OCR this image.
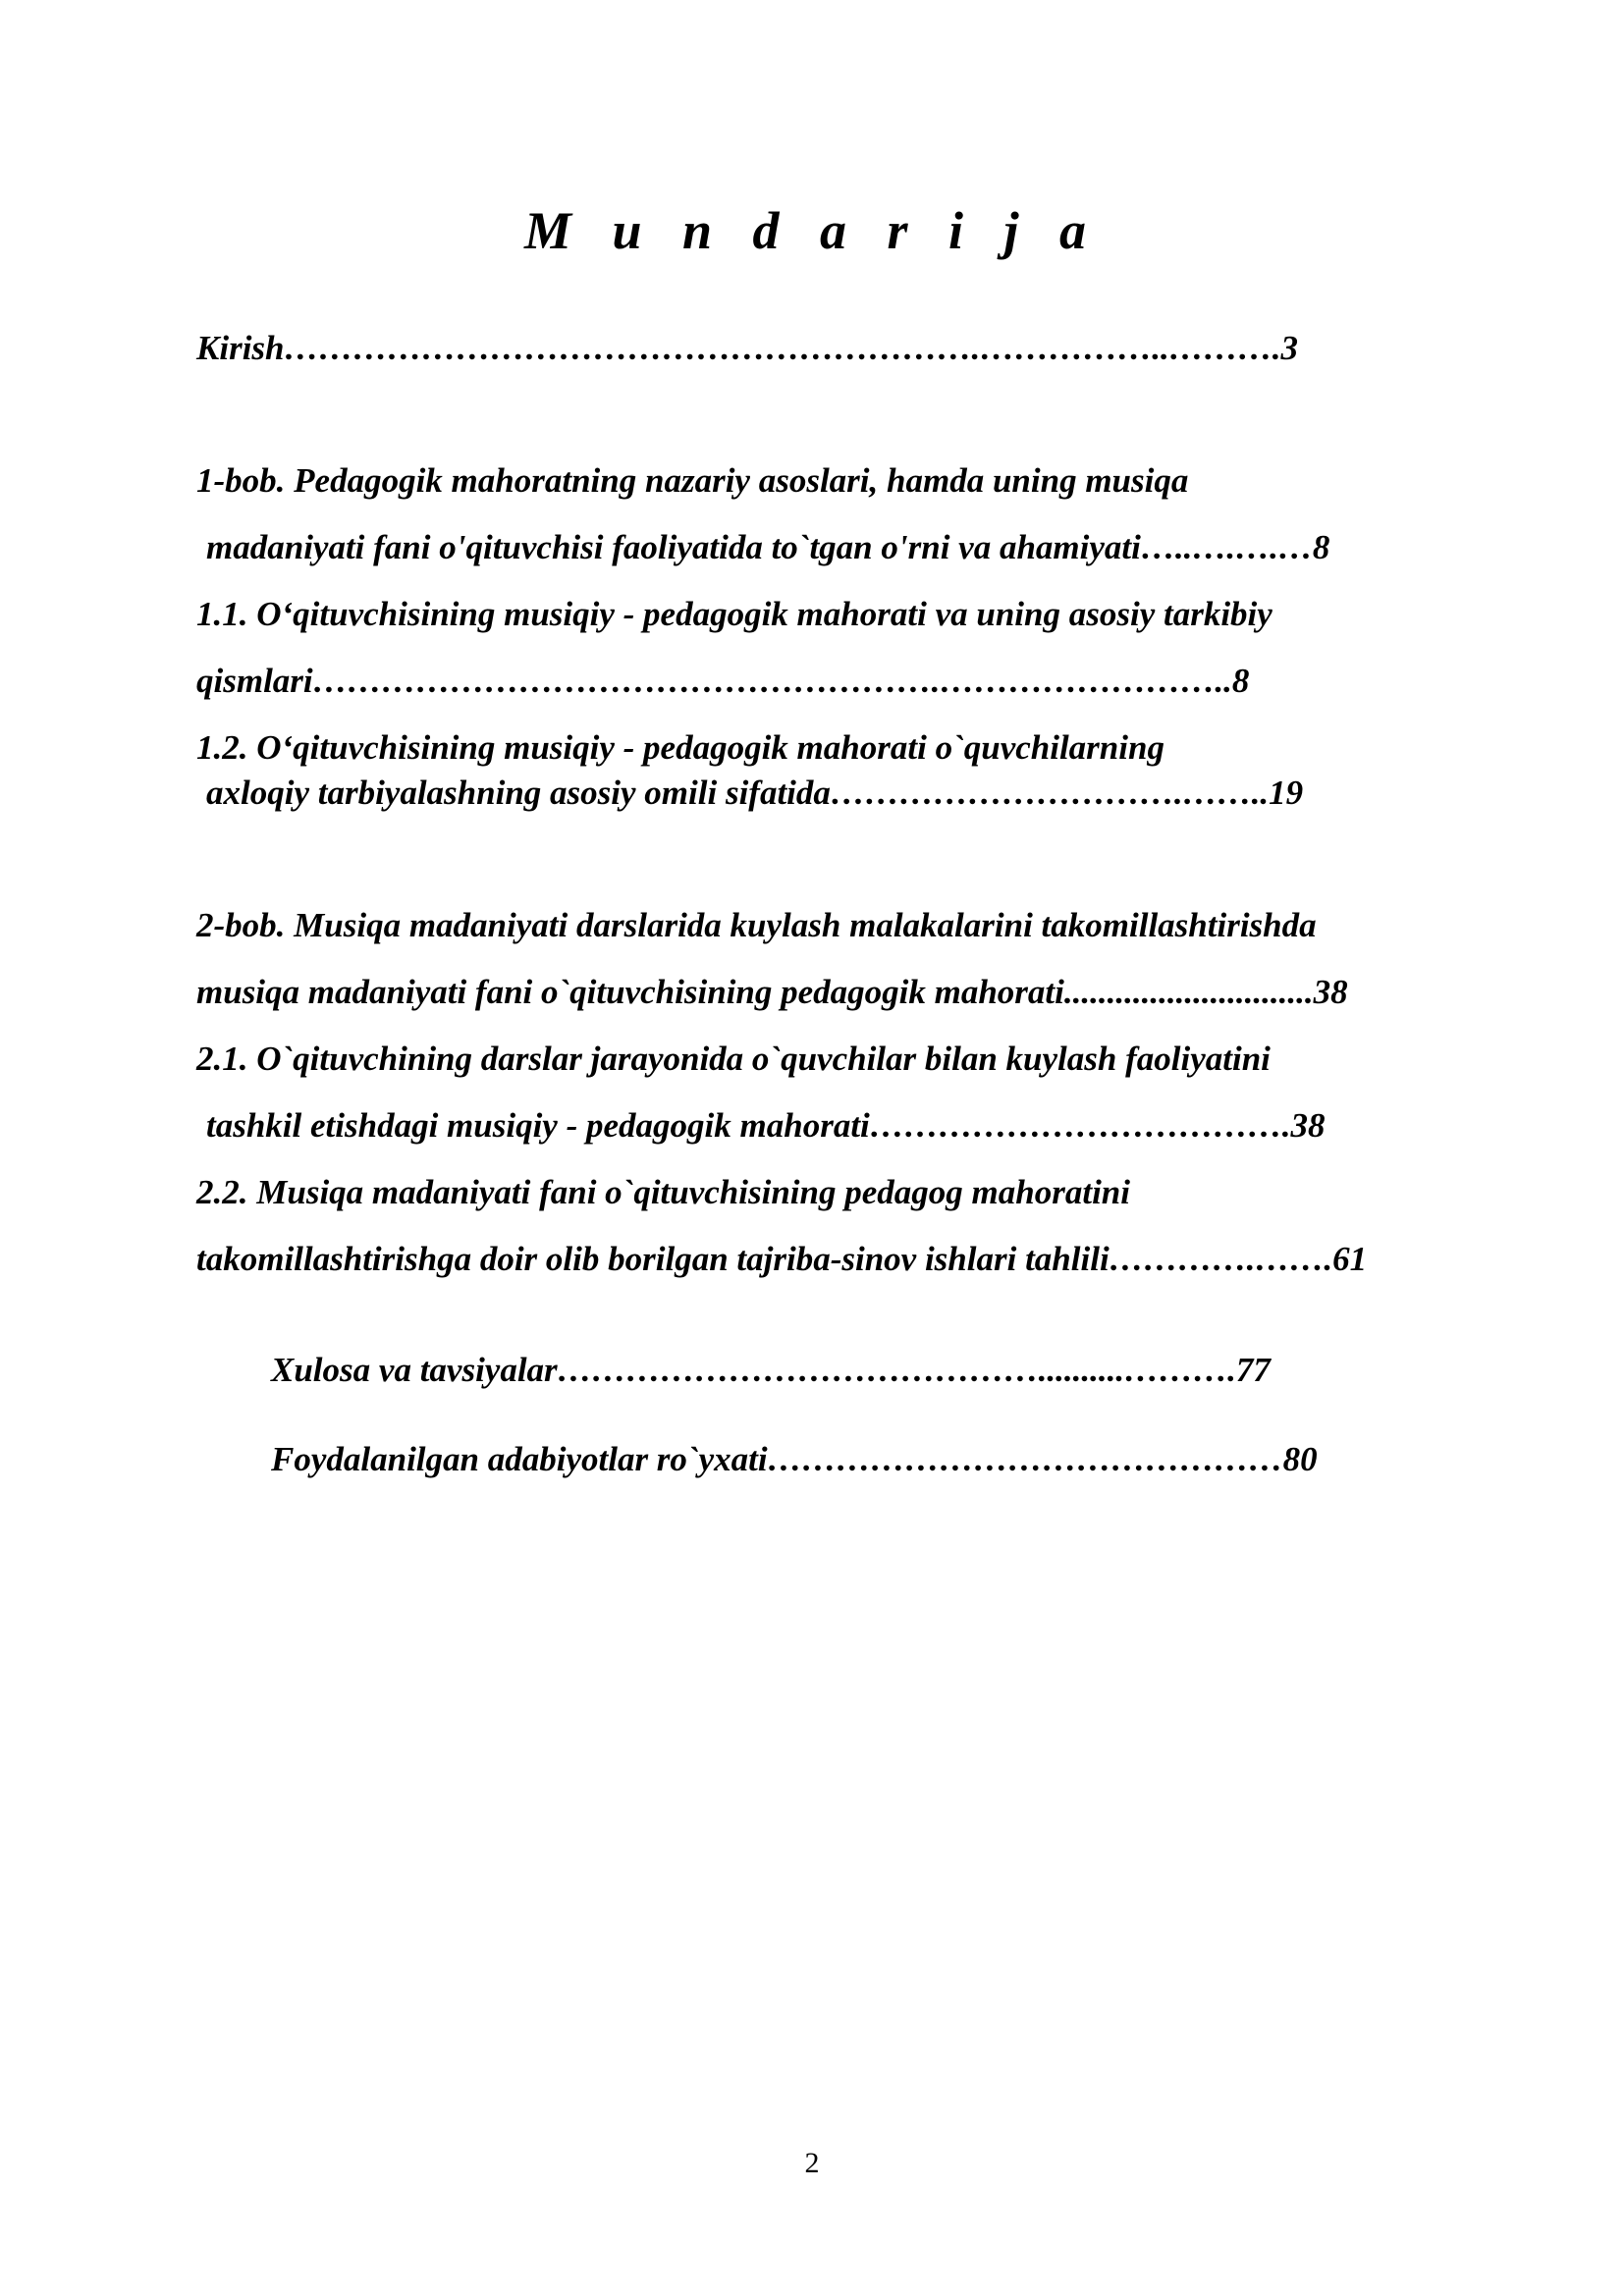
M u n d a r i j a
Kirish…………………………………………………….……………..……….3
1-bob. Pedagogik mahoratning nazariy asoslari, hamda uning musiqa
madaniyati fani o'qituvchisi faoliyatida to`tgan o'rni va ahamiyati…..….….…8
1.1. O‘qituvchisining musiqiy - pedagogik mahorati va uning asosiy tarkibiy
qismlari……………………………………………….……………………..8
1.2. O‘qituvchisining musiqiy - pedagogik mahorati o`quvchilarning
axloqiy tarbiyalashning asosiy omili sifatida………………………….……..19
2-bob. Musiqa madaniyati darslarida kuylash malakalarini takomillashtirishda
musiqa madaniyati fani o`qituvchisining pedagogik mahorati.............................38
2.1. O`qituvchining darslar jarayonida o`quvchilar bilan kuylash faoliyatini
tashkil etishdagi musiqiy - pedagogik mahorati……………………………….38
2.2. Musiqa madaniyati fani o`qituvchisining pedagog mahoratini
takomillashtirishga doir olib borilgan tajriba-sinov ishlari tahlili………….…….61
Xulosa va tavsiyalar……………………………………..........……….77
Foydalanilgan adabiyotlar ro`yxati………………………………………80
2
